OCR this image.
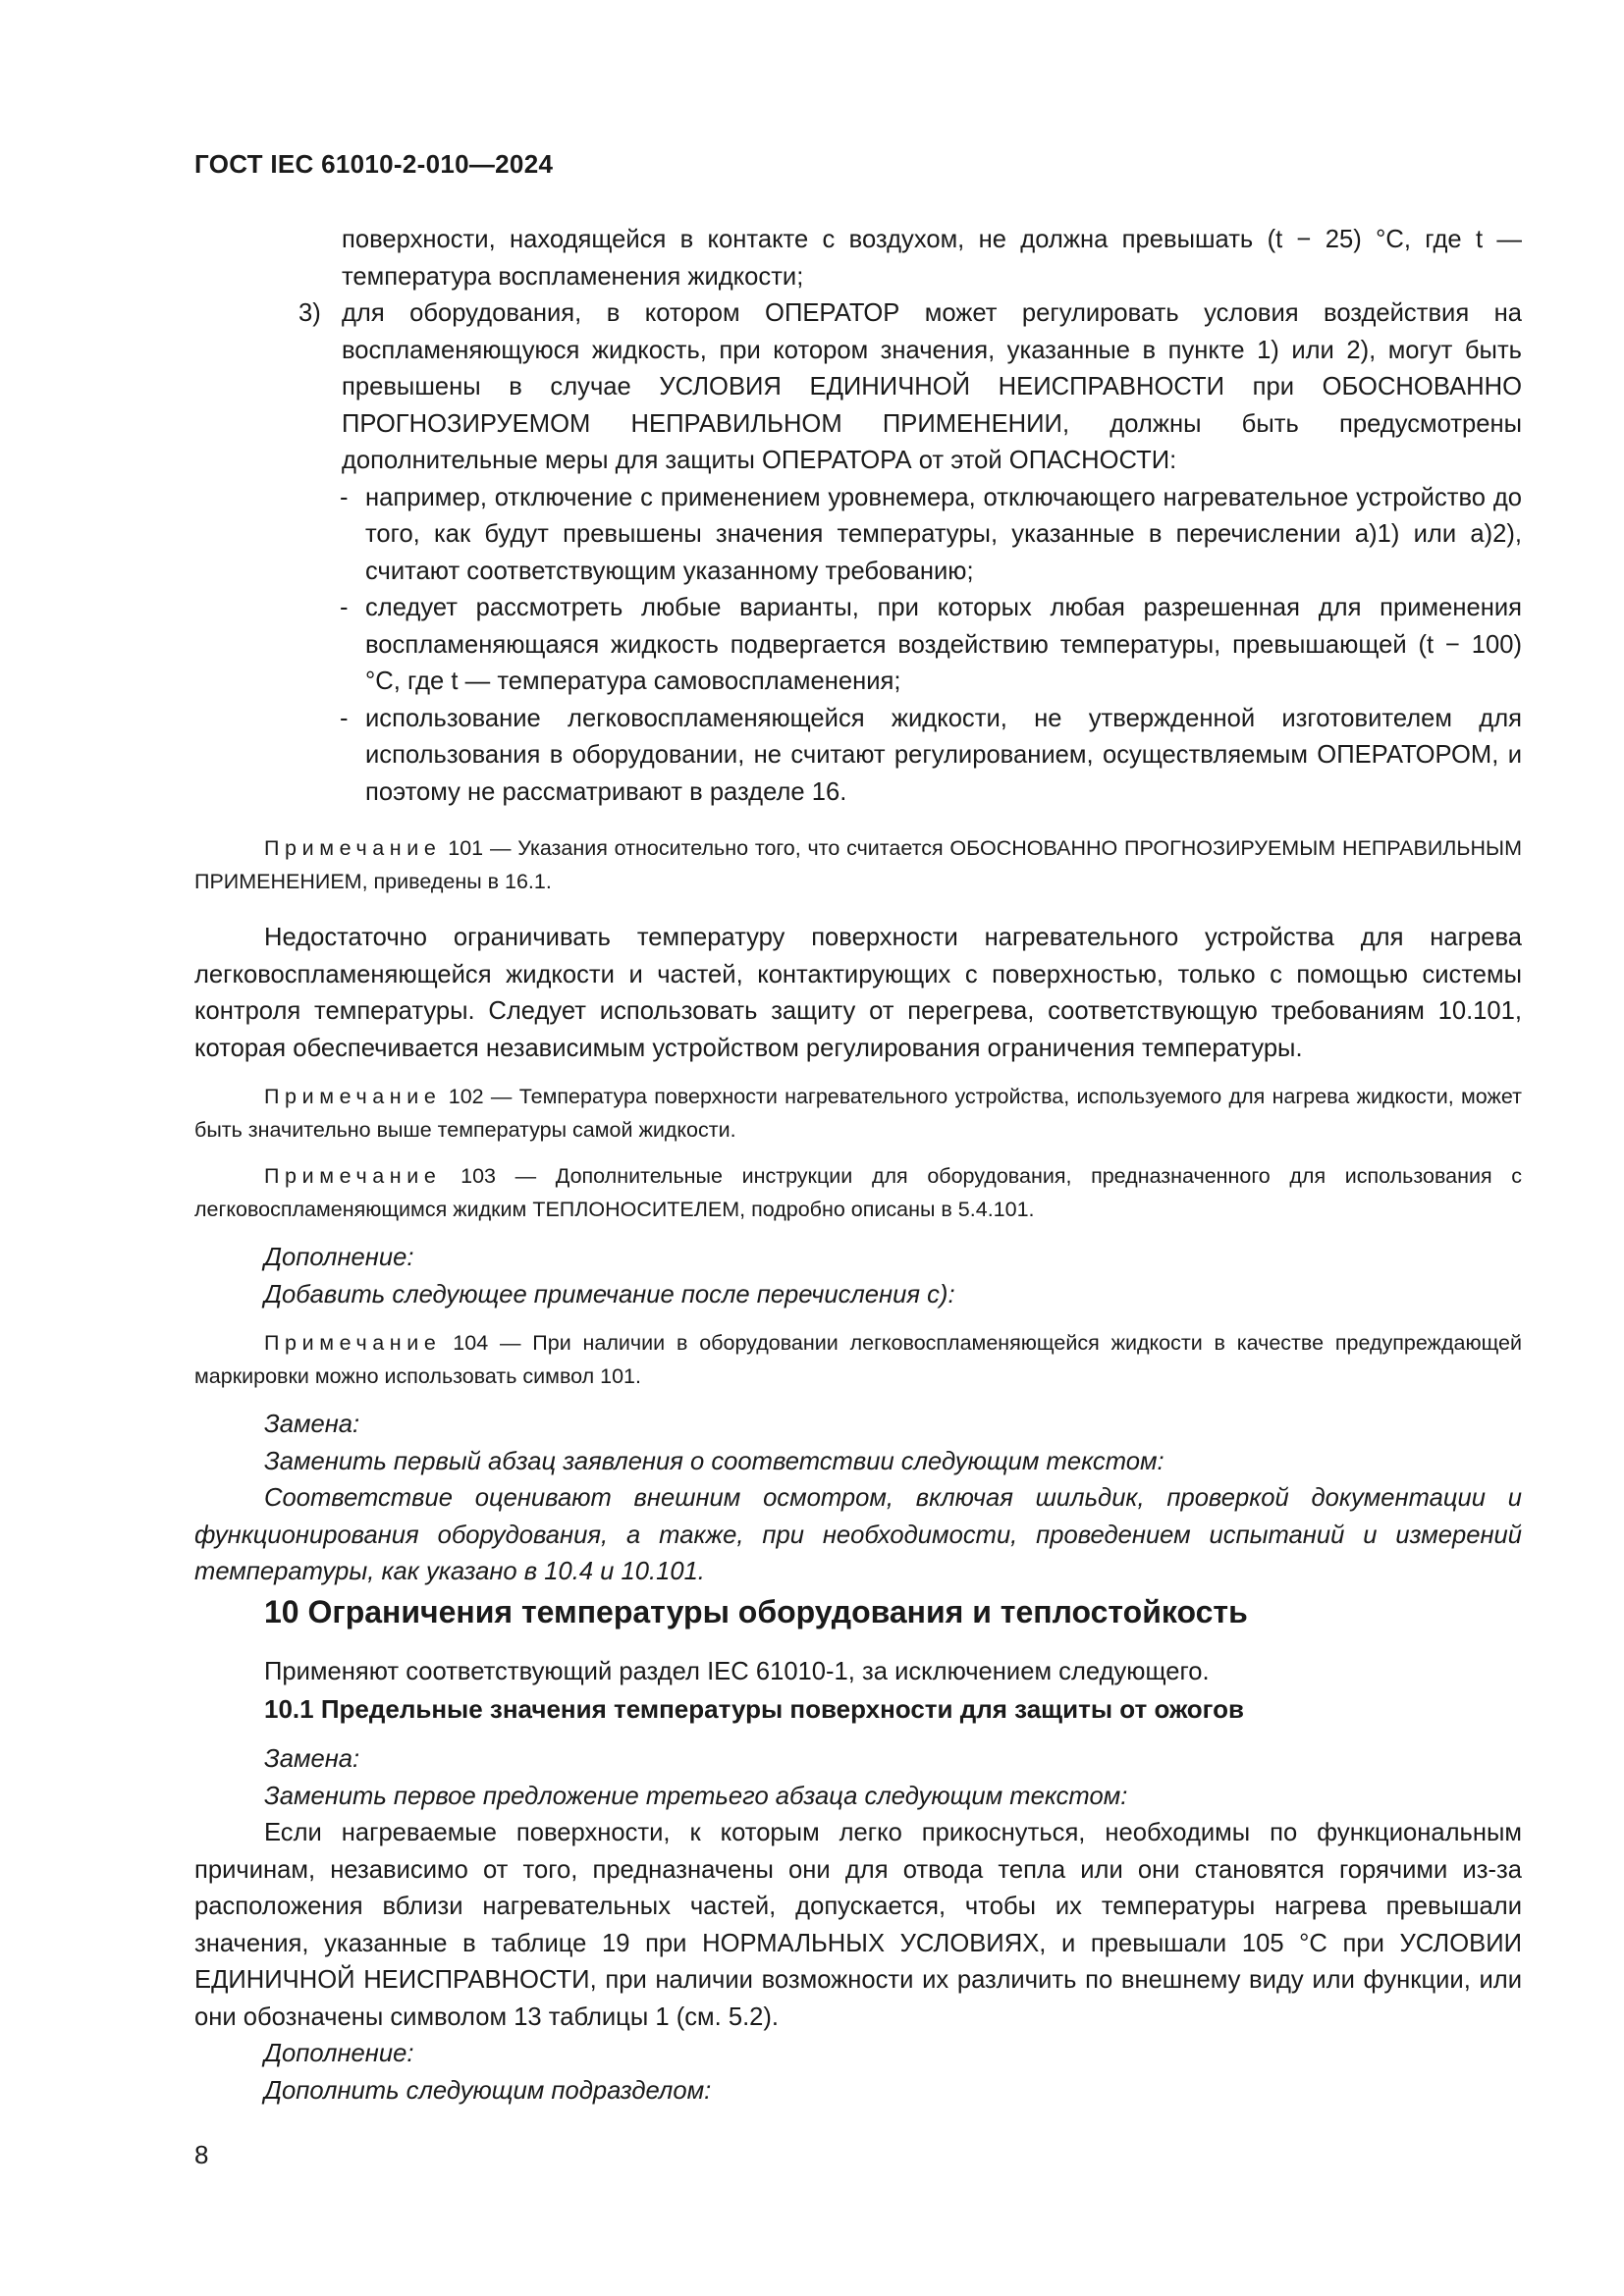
ГОСТ IEC 61010-2-010—2024

поверхности, находящейся в контакте с воздухом, не должна превышать (t − 25) °С, где t — температура воспламенения жидкости;

3) для оборудования, в котором ОПЕРАТОР может регулировать условия воздействия на воспламеняющуюся жидкость, при котором значения, указанные в пункте 1) или 2), могут быть превышены в случае УСЛОВИЯ ЕДИНИЧНОЙ НЕИСПРАВНОСТИ при ОБОСНОВАННО ПРОГНОЗИРУЕМОМ НЕПРАВИЛЬНОМ ПРИМЕНЕНИИ, должны быть предусмотрены дополнительные меры для защиты ОПЕРАТОРА от этой ОПАСНОСТИ:
- например, отключение с применением уровнемера, отключающего нагревательное устройство до того, как будут превышены значения температуры, указанные в перечислении а)1) или а)2), считают соответствующим указанному требованию;
- следует рассмотреть любые варианты, при которых любая разрешенная для применения воспламеняющаяся жидкость подвергается воздействию температуры, превышающей (t − 100) °С, где t — температура самовоспламенения;
- использование легковоспламеняющейся жидкости, не утвержденной изготовителем для использования в оборудовании, не считают регулированием, осуществляемым ОПЕРАТОРОМ, и поэтому не рассматривают в разделе 16.

Примечание 101 — Указания относительно того, что считается ОБОСНОВАННО ПРОГНОЗИРУЕМЫМ НЕПРАВИЛЬНЫМ ПРИМЕНЕНИЕМ, приведены в 16.1.

Недостаточно ограничивать температуру поверхности нагревательного устройства для нагрева легковоспламеняющейся жидкости и частей, контактирующих с поверхностью, только с помощью системы контроля температуры. Следует использовать защиту от перегрева, соответствующую требованиям 10.101, которая обеспечивается независимым устройством регулирования ограничения температуры.

Примечание 102 — Температура поверхности нагревательного устройства, используемого для нагрева жидкости, может быть значительно выше температуры самой жидкости.

Примечание 103 — Дополнительные инструкции для оборудования, предназначенного для использования с легковоспламеняющимся жидким ТЕПЛОНОСИТЕЛЕМ, подробно описаны в 5.4.101.

Дополнение:

Добавить следующее примечание после перечисления с):

Примечание 104 — При наличии в оборудовании легковоспламеняющейся жидкости в качестве предупреждающей маркировки можно использовать символ 101.

Замена:

Заменить первый абзац заявления о соответствии следующим текстом:

Соответствие оценивают внешним осмотром, включая шильдик, проверкой документации и функционирования оборудования, а также, при необходимости, проведением испытаний и измерений температуры, как указано в 10.4 и 10.101.

10 Ограничения температуры оборудования и теплостойкость

Применяют соответствующий раздел IEC 61010-1, за исключением следующего.

10.1 Предельные значения температуры поверхности для защиты от ожогов

Замена:

Заменить первое предложение третьего абзаца следующим текстом:

Если нагреваемые поверхности, к которым легко прикоснуться, необходимы по функциональным причинам, независимо от того, предназначены они для отвода тепла или они становятся горячими из-за расположения вблизи нагревательных частей, допускается, чтобы их температуры нагрева превышали значения, указанные в таблице 19 при НОРМАЛЬНЫХ УСЛОВИЯХ, и превышали 105 °С при УСЛОВИИ ЕДИНИЧНОЙ НЕИСПРАВНОСТИ, при наличии возможности их различить по внешнему виду или функции, или они обозначены символом 13 таблицы 1 (см. 5.2).

Дополнение:

Дополнить следующим подразделом:

8
